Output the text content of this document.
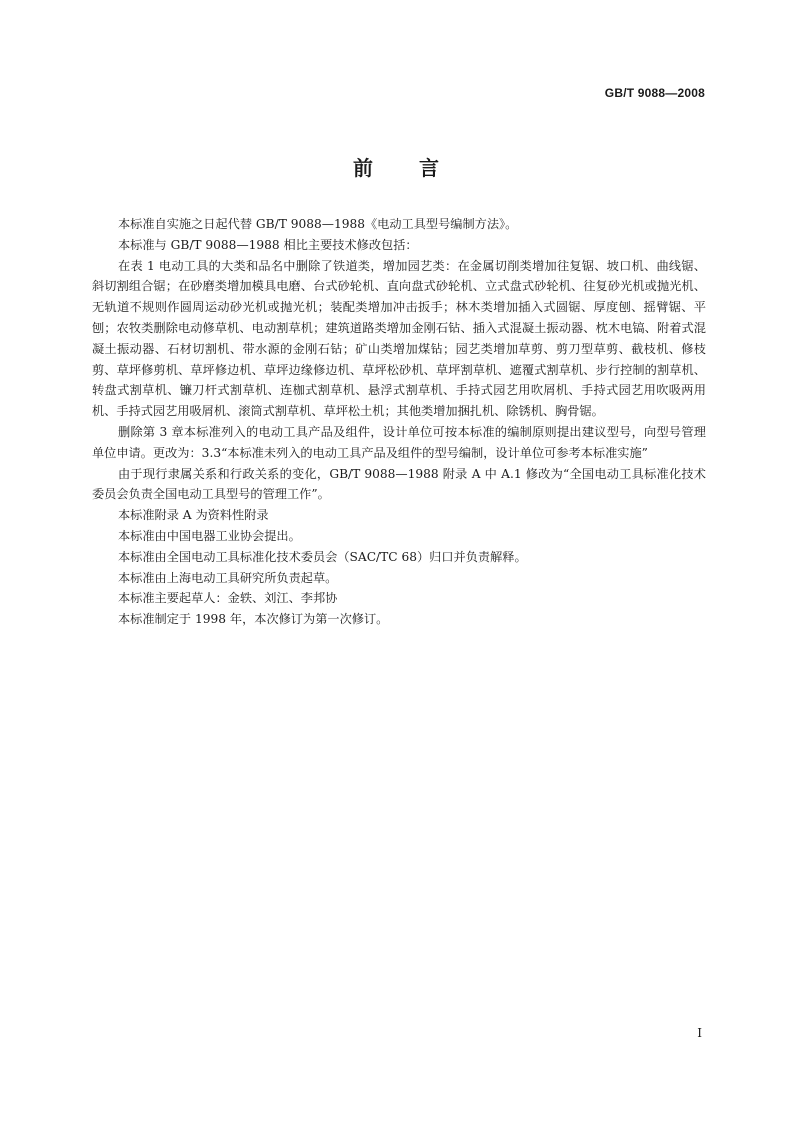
GB/T 9088—2008
前 言

本标准自实施之日起代替 GB/T 9088—1988《电动工具型号编制方法》。

本标准与 GB/T 9088—1988 相比主要技术修改包括：

在表 1 电动工具的大类和品名中删除了铁道类，增加园艺类：在金属切削类增加往复锯、坡口机、曲线锯、斜切割组合锯；在砂磨类增加模具电磨、台式砂轮机、直向盘式砂轮机、立式盘式砂轮机、往复砂光机或抛光机、无轨道不规则作圆周运动砂光机或抛光机；装配类增加冲击扳手；林木类增加插入式圆锯、厚度刨、摇臂锯、平刨；农牧类删除电动修草机、电动割草机；建筑道路类增加金刚石钻、插入式混凝土振动器、枕木电镐、附着式混凝土振动器、石材切割机、带水源的金刚石钻；矿山类增加煤钻；园艺类增加草剪、剪刀型草剪、截枝机、修枝剪、草坪修剪机、草坪修边机、草坪边缘修边机、草坪松砂机、草坪割草机、遮覆式割草机、步行控制的割草机、转盘式割草机、镰刀杆式割草机、连枷式割草机、悬浮式割草机、手持式园艺用吹屑机、手持式园艺用吹吸两用机、手持式园艺用吸屑机、滚筒式割草机、草坪松土机；其他类增加捆扎机、除锈机、胸骨锯。

删除第 3 章本标准列入的电动工具产品及组件，设计单位可按本标准的编制原则提出建议型号，向型号管理单位申请。更改为：3.3“本标准未列入的电动工具产品及组件的型号编制，设计单位可参考本标准实施”

由于现行隶属关系和行政关系的变化，GB/T 9088—1988 附录 A 中 A.1 修改为“全国电动工具标准化技术委员会负责全国电动工具型号的管理工作”。

本标准附录 A 为资料性附录

本标准由中国电器工业协会提出。

本标准由全国电动工具标准化技术委员会（SAC/TC 68）归口并负责解释。

本标准由上海电动工具研究所负责起草。

本标准主要起草人：金轶、刘江、李邦协

本标准制定于 1998 年，本次修订为第一次修订。

I
